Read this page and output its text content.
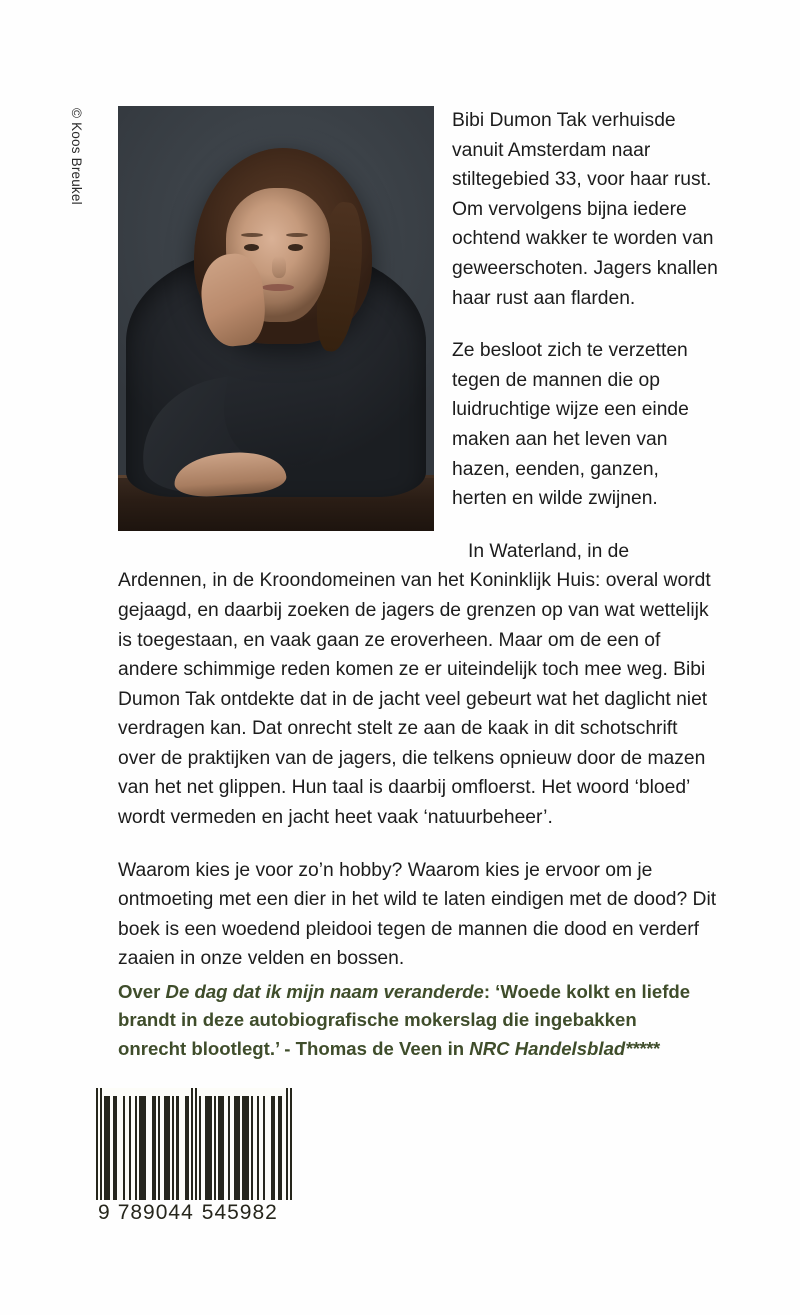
© Koos Breukel	Bibi Dumon Tak verhuisde vanuit Amsterdam naar stiltegebied 33, voor haar rust. Om vervolgens bijna iedere ochtend wakker te worden van geweerschoten. Jagers knallen haar rust aan flarden.

Ze besloot zich te verzetten tegen de mannen die op luidruchtige wijze een einde maken aan het leven van hazen, eenden, ganzen, herten en wilde zwijnen.

In Waterland, in de Ardennen, in de Kroondomeinen van het Koninklijk Huis: overal wordt gejaagd, en daarbij zoeken de jagers de grenzen op van wat wettelijk is toegestaan, en vaak gaan ze eroverheen. Maar om de een of andere schimmige reden komen ze er uiteindelijk toch mee weg. Bibi Dumon Tak ontdekte dat in de jacht veel gebeurt wat het daglicht niet verdragen kan. Dat onrecht stelt ze aan de kaak in dit schotschrift over de praktijken van de jagers, die telkens opnieuw door de mazen van het net glippen. Hun taal is daarbij omfloerst. Het woord ‘bloed’ wordt vermeden en jacht heet vaak ‘natuurbeheer’.

Waarom kies je voor zo’n hobby? Waarom kies je ervoor om je ontmoeting met een dier in het wild te laten eindigen met de dood? Dit boek is een woedend pleidooi tegen de mannen die dood en verderf zaaien in onze velden en bossen.

Over De dag dat ik mijn naam veranderde: ‘Woede kolkt en liefde brandt in deze autobiografische mokerslag die ingebakken onrecht blootlegt.’ - Thomas de Veen in NRC Handelsblad*****
9 789044 545982
